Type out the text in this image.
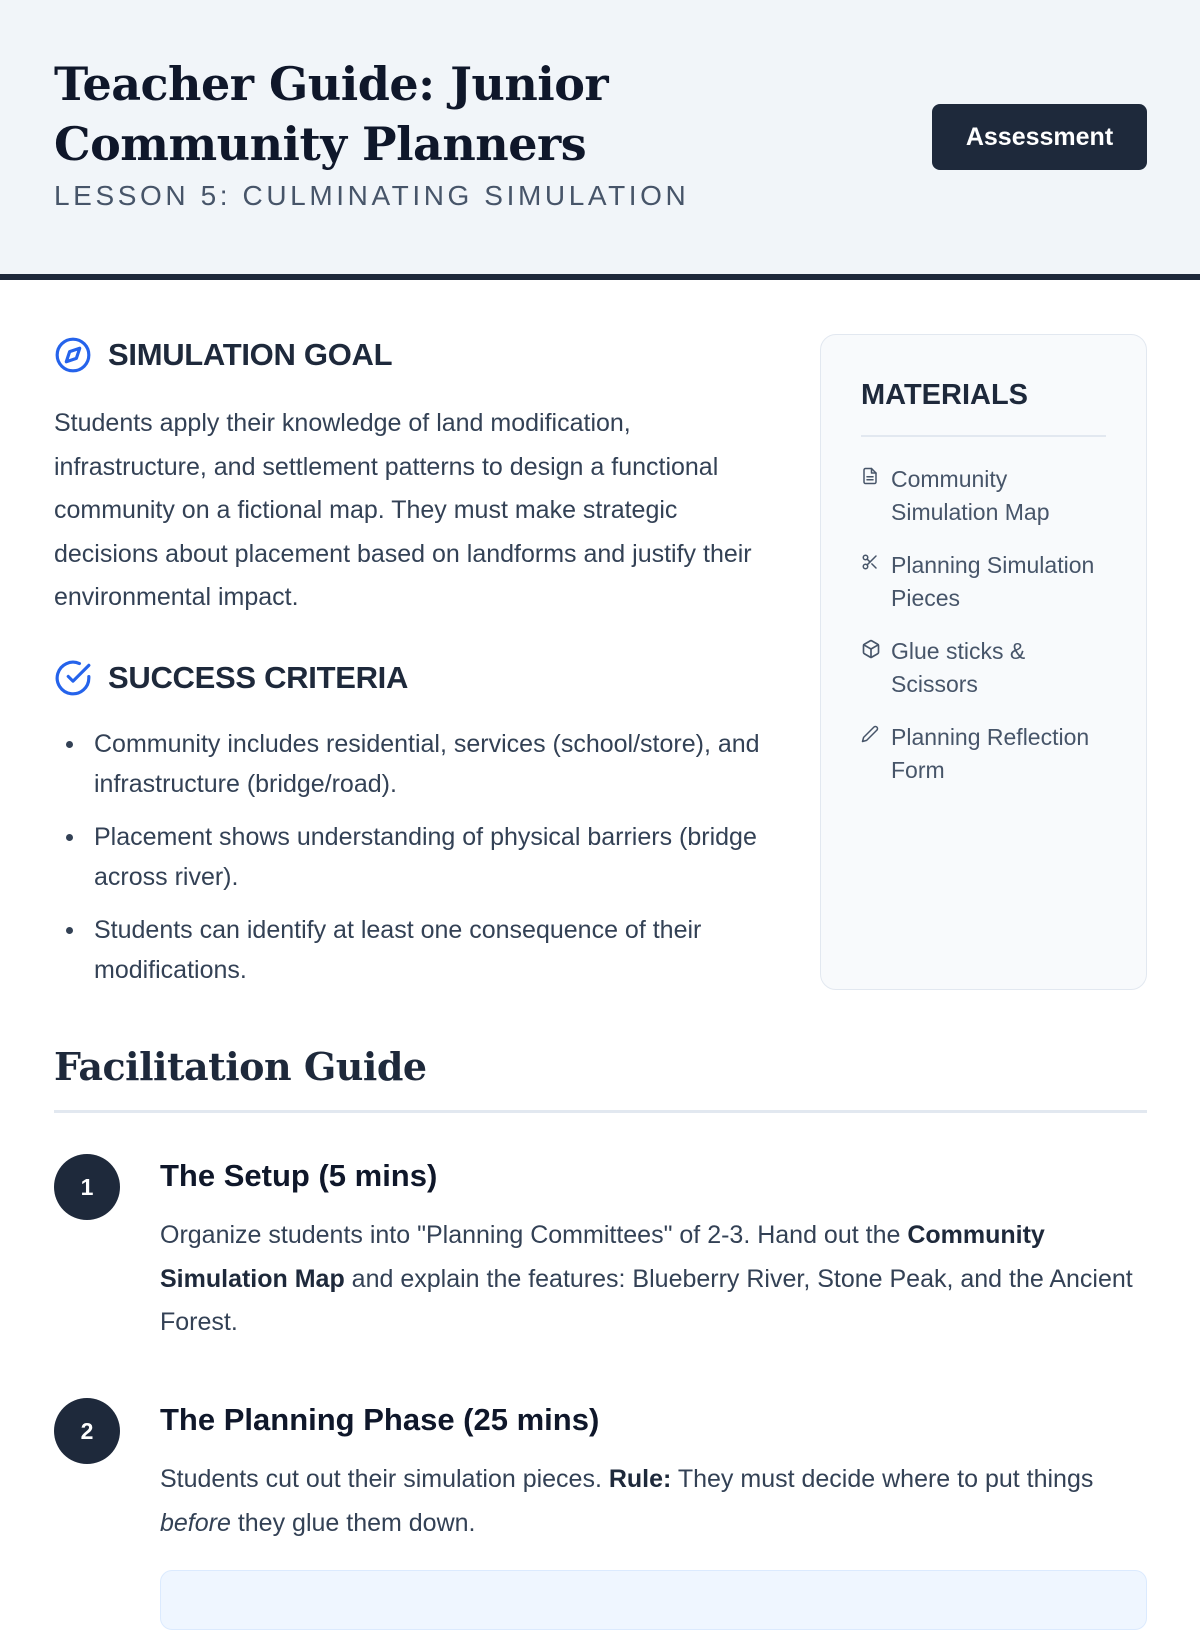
Teacher Guide: Junior Community Planners
LESSON 5: CULMINATING SIMULATION
Assessment
SIMULATION GOAL

Students apply their knowledge of land modification, infrastructure, and settlement patterns to design a functional community on a fictional map. They must make strategic decisions about placement based on landforms and justify their environmental impact.

SUCCESS CRITERIA
Community includes residential, services (school/store), and infrastructure (bridge/road).
Placement shows understanding of physical barriers (bridge across river).
Students can identify at least one consequence of their modifications.
MATERIALS
Community Simulation Map
Planning Simulation Pieces
Glue sticks & Scissors
Planning Reflection Form
Facilitation Guide
1	The Setup (5 mins)

Organize students into "Planning Committees" of 2-3. Hand out the Community Simulation Map and explain the features: Blueberry River, Stone Peak, and the Ancient Forest.

2	The Planning Phase (25 mins)

Students cut out their simulation pieces. Rule: They must decide where to put things before they glue them down.
